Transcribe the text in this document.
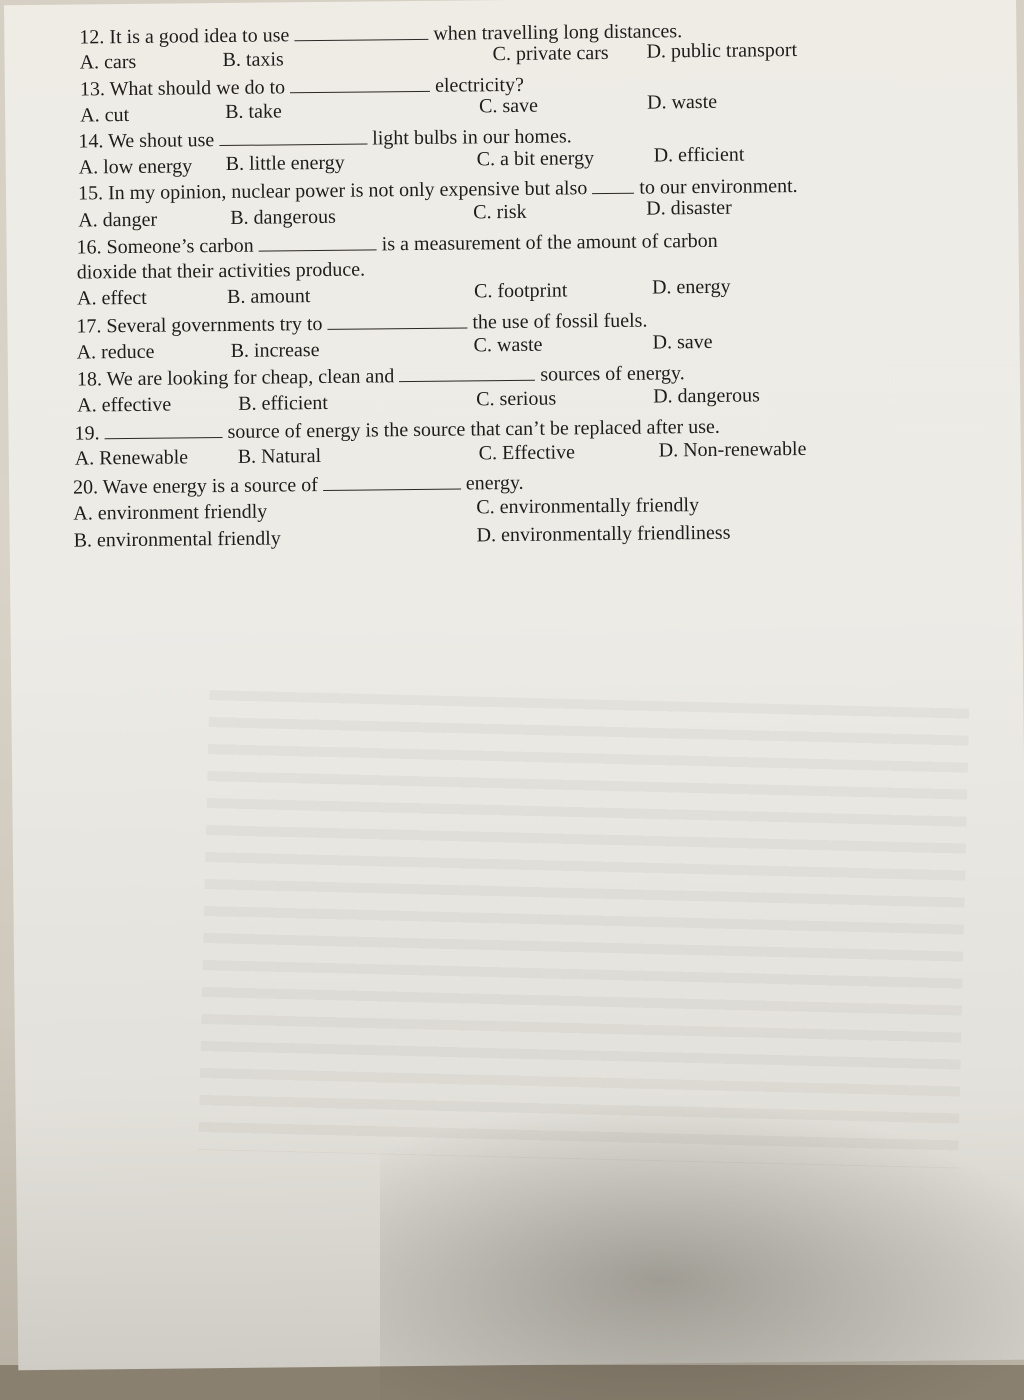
12. It is a good idea to use	when travelling long distances.
A. cars	B. taxis	C. private cars D. public transport
13. What should we do to	electricity?
A. cut	B. take	C. save	D. waste
14. We shout use	light bulbs in our homes.
A. low energy B. little energy	C. a bit energy	D. efficient
15. In my opinion, nuclear power is not only expensive but also	to our environment.
A. danger	B. dangerous	C. risk	D. disaster
16. Someone’s carbon	is a measurement of the amount of carbon
dioxide that their activities produce.
A. effect	B. amount	C. footprint	D. energy
17. Several governments try to	the use of fossil fuels.
A. reduce	B. increase	C. waste	D. save
18. We are looking for cheap, clean and	sources of energy.
A. effective	B. efficient	C. serious	D. dangerous
19.	source of energy is the source that can’t be replaced after use.
A. Renewable B. Natural	C. Effective	D. Non-renewable
20. Wave energy is a source of	energy.
A. environment friendly	C. environmentally friendly
B. environmental friendly	D. environmentally friendliness
